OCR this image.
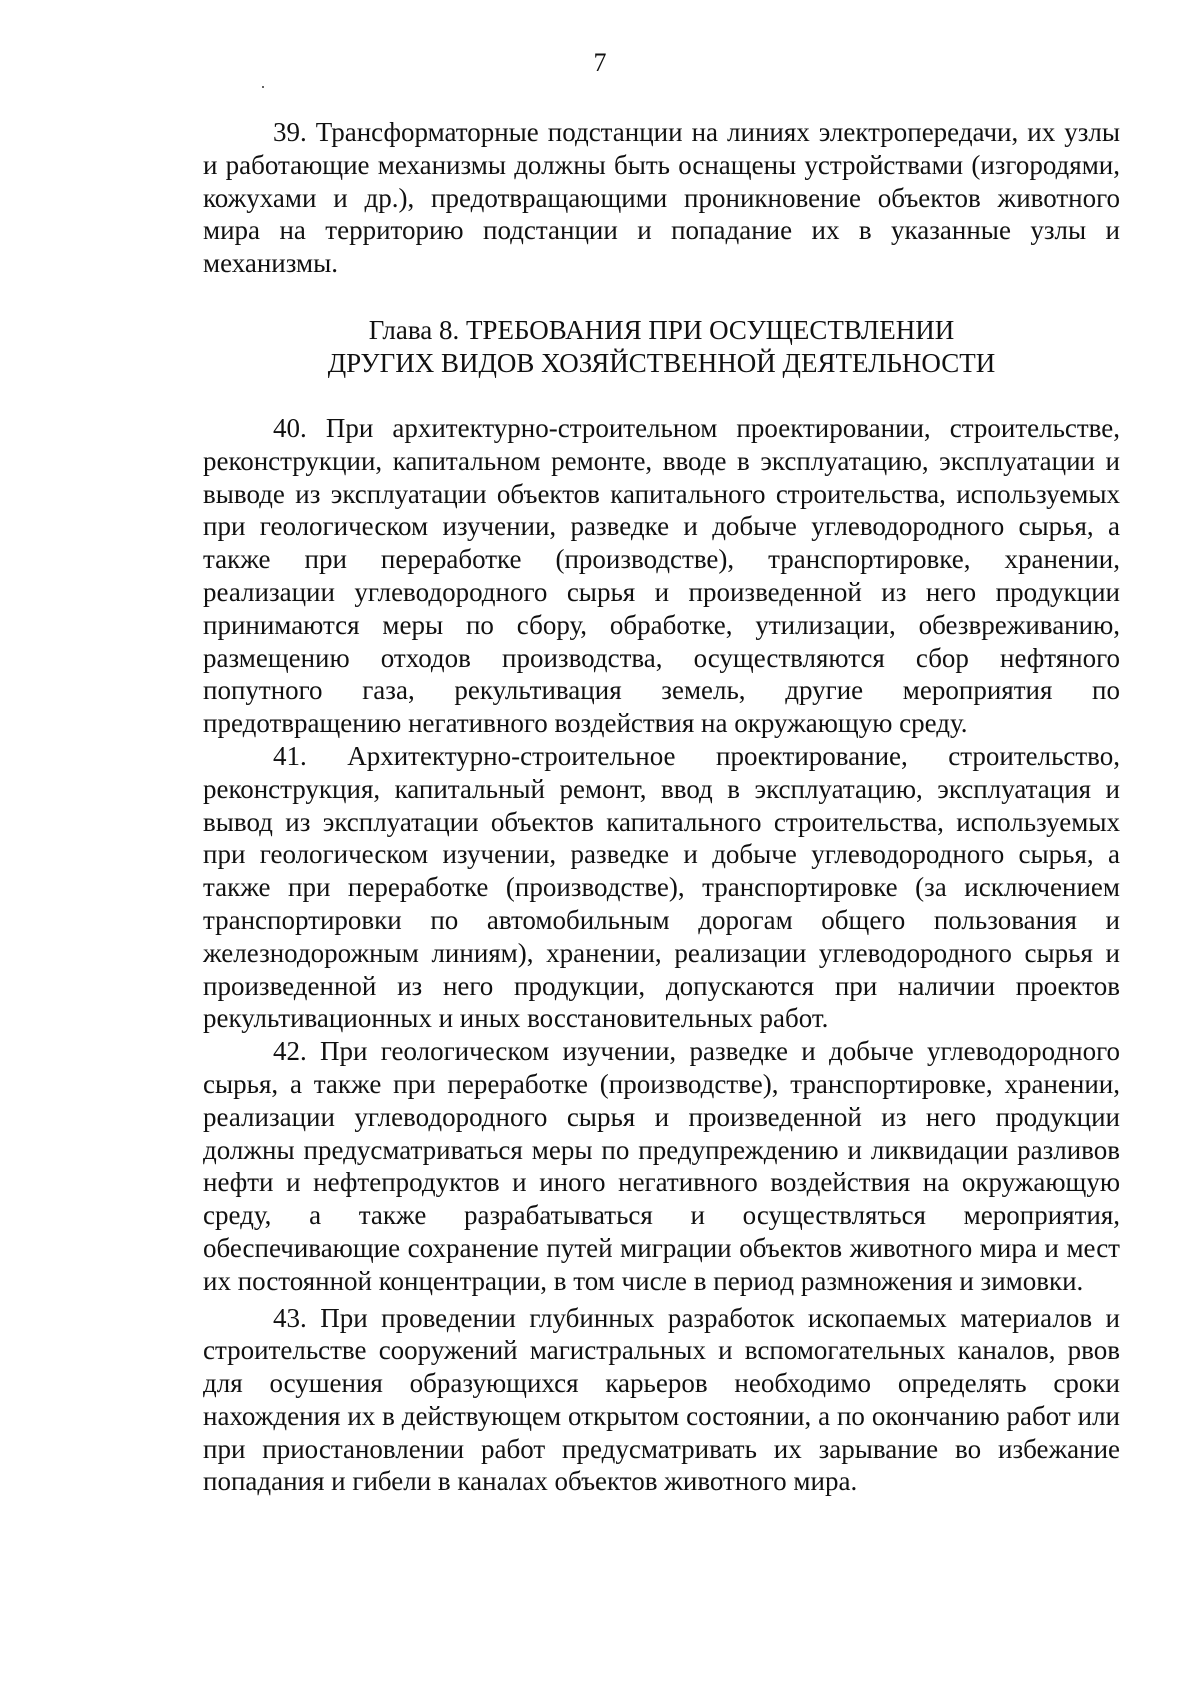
7

39. Трансформаторные подстанции на линиях электропередачи, их узлы и работающие механизмы должны быть оснащены устройствами (изгородями, кожухами и др.), предотвращающими проникновение объектов животного мира на территорию подстанции и попадание их в указанные узлы и механизмы.

Глава 8. ТРЕБОВАНИЯ ПРИ ОСУЩЕСТВЛЕНИИ
ДРУГИХ ВИДОВ ХОЗЯЙСТВЕННОЙ ДЕЯТЕЛЬНОСТИ

40. При архитектурно-строительном проектировании, строительстве, реконструкции, капитальном ремонте, вводе в эксплуатацию, эксплуатации и выводе из эксплуатации объектов капитального строительства, используемых при геологическом изучении, разведке и добыче углеводородного сырья, а также при переработке (производстве), транспортировке, хранении, реализации углеводородного сырья и произведенной из него продукции принимаются меры по сбору, обработке, утилизации, обезвреживанию, размещению отходов производства, осуществляются сбор нефтяного попутного газа, рекультивация земель, другие мероприятия по предотвращению негативного воздействия на окружающую среду.

41. Архитектурно-строительное проектирование, строительство, реконструкция, капитальный ремонт, ввод в эксплуатацию, эксплуатация и вывод из эксплуатации объектов капитального строительства, используемых при геологическом изучении, разведке и добыче углеводородного сырья, а также при переработке (производстве), транспортировке (за исключением транспортировки по автомобильным дорогам общего пользования и железнодорожным линиям), хранении, реализации углеводородного сырья и произведенной из него продукции, допускаются при наличии проектов рекультивационных и иных восстановительных работ.

42. При геологическом изучении, разведке и добыче углеводородного сырья, а также при переработке (производстве), транспортировке, хранении, реализации углеводородного сырья и произведенной из него продукции должны предусматриваться меры по предупреждению и ликвидации разливов нефти и нефтепродуктов и иного негативного воздействия на окружающую среду, а также разрабатываться и осуществляться мероприятия, обеспечивающие сохранение путей миграции объектов животного мира и мест их постоянной концентрации, в том числе в период размножения и зимовки.

43. При проведении глубинных разработок ископаемых материалов и строительстве сооружений магистральных и вспомогательных каналов, рвов для осушения образующихся карьеров необходимо определять сроки нахождения их в действующем открытом состоянии, а по окончанию работ или при приостановлении работ предусматривать их зарывание во избежание попадания и гибели в каналах объектов животного мира.
